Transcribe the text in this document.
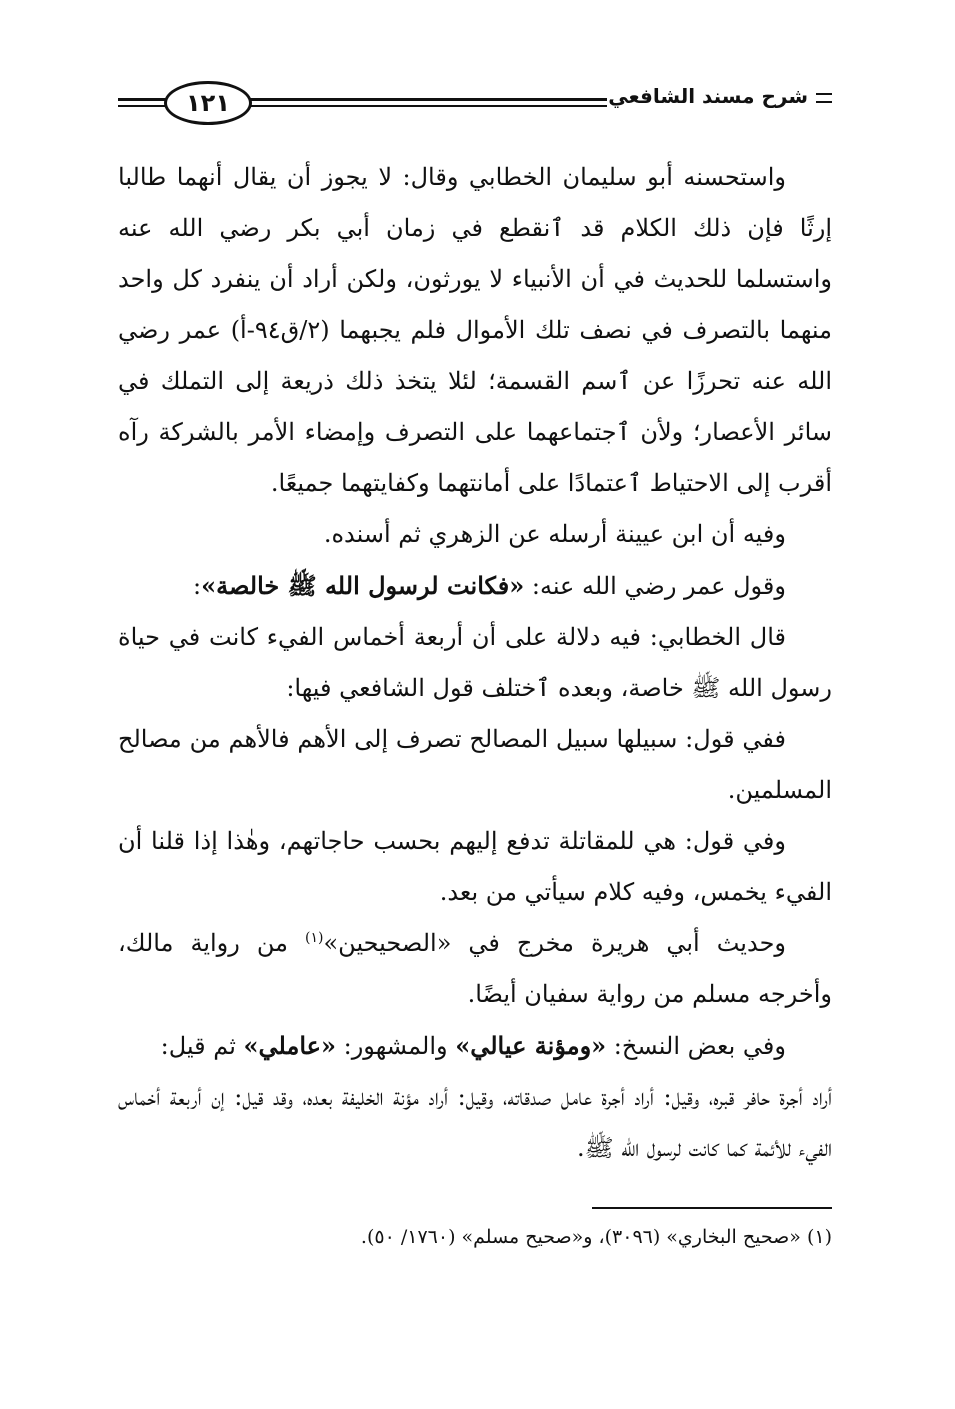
١٢١	شرح مسند الشافعي

واستحسنه أبو سليمان الخطابي وقال: لا يجوز أن يقال أنهما طالبا إرثًا فإن ذلك الكلام قد ٱنقطع في زمان أبي بكر رضي الله عنه واستسلما للحديث في أن الأنبياء لا يورثون، ولكن أراد أن ينفرد كل واحد منهما بالتصرف في نصف تلك الأموال فلم يجبهما (٢/ق٩٤-أ) عمر رضي الله عنه تحرزًا عن ٱسم القسمة؛ لئلا يتخذ ذلك ذريعة إلى التملك في سائر الأعصار؛ ولأن ٱجتماعهما على التصرف وإمضاء الأمر بالشركة رآه أقرب إلى الاحتياط ٱعتمادًا على أمانتهما وكفايتهما جميعًا.

وفيه أن ابن عيينة أرسله عن الزهري ثم أسنده.

وقول عمر رضي الله عنه: «فكانت لرسول الله ﷺ خالصة»:

قال الخطابي: فيه دلالة على أن أربعة أخماس الفيء كانت في حياة رسول الله ﷺ خاصة، وبعده ٱختلف قول الشافعي فيها:

ففي قول: سبيلها سبيل المصالح تصرف إلى الأهم فالأهم من مصالح المسلمين.

وفي قول: هي للمقاتلة تدفع إليهم بحسب حاجاتهم، وهٰذا إذا قلنا أن الفيء يخمس، وفيه كلام سيأتي من بعد.

وحديث أبي هريرة مخرج في «الصحيحين»$^{(١)}$ من رواية مالك، وأخرجه مسلم من رواية سفيان أيضًا.

وفي بعض النسخ: «ومؤنة عيالي» والمشهور: «عاملي» ثم قيل:

أراد أجرة حافر قبره، وقيل: أراد أجرة عامل صدقاته، وقيل: أراد مؤنة الخليفة بعده، وقد قيل: إن أربعة أخماس الفيء للأئمة كما كانت لرسول الله ﷺ.

(١) «صحيح البخاري» (٣٠٩٦)، و«صحيح مسلم» (١٧٦٠/ ٥٠).
